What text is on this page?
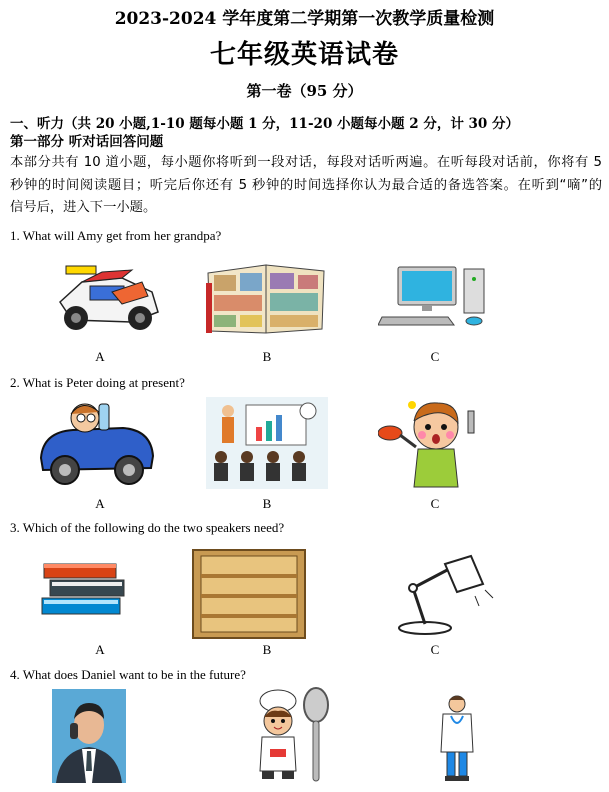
2023-2024 学年度第二学期第一次教学质量检测
七年级英语试卷
第一卷（95 分）
一、听力（共 20 小题,1-10 题每小题 1 分，11-20 小题每小题 2 分，计 30 分）
第一部分 听对话回答问题
本部分共有 10 道小题，每小题你将听到一段对话，每段对话听两遍。在听每段对话前，你将有 5
秒钟的时间阅读题目；听完后你还有 5 秒钟的时间选择你认为最合适的备选答案。在听到“嘀”的
信号后，进入下一小题。
1. What will Amy get from her grandpa?
A	B	C
2. What is Peter doing at present?
A	B	C
3. Which of the following do the two speakers need?
A	B	C
4. What does Daniel want to be in the future?
